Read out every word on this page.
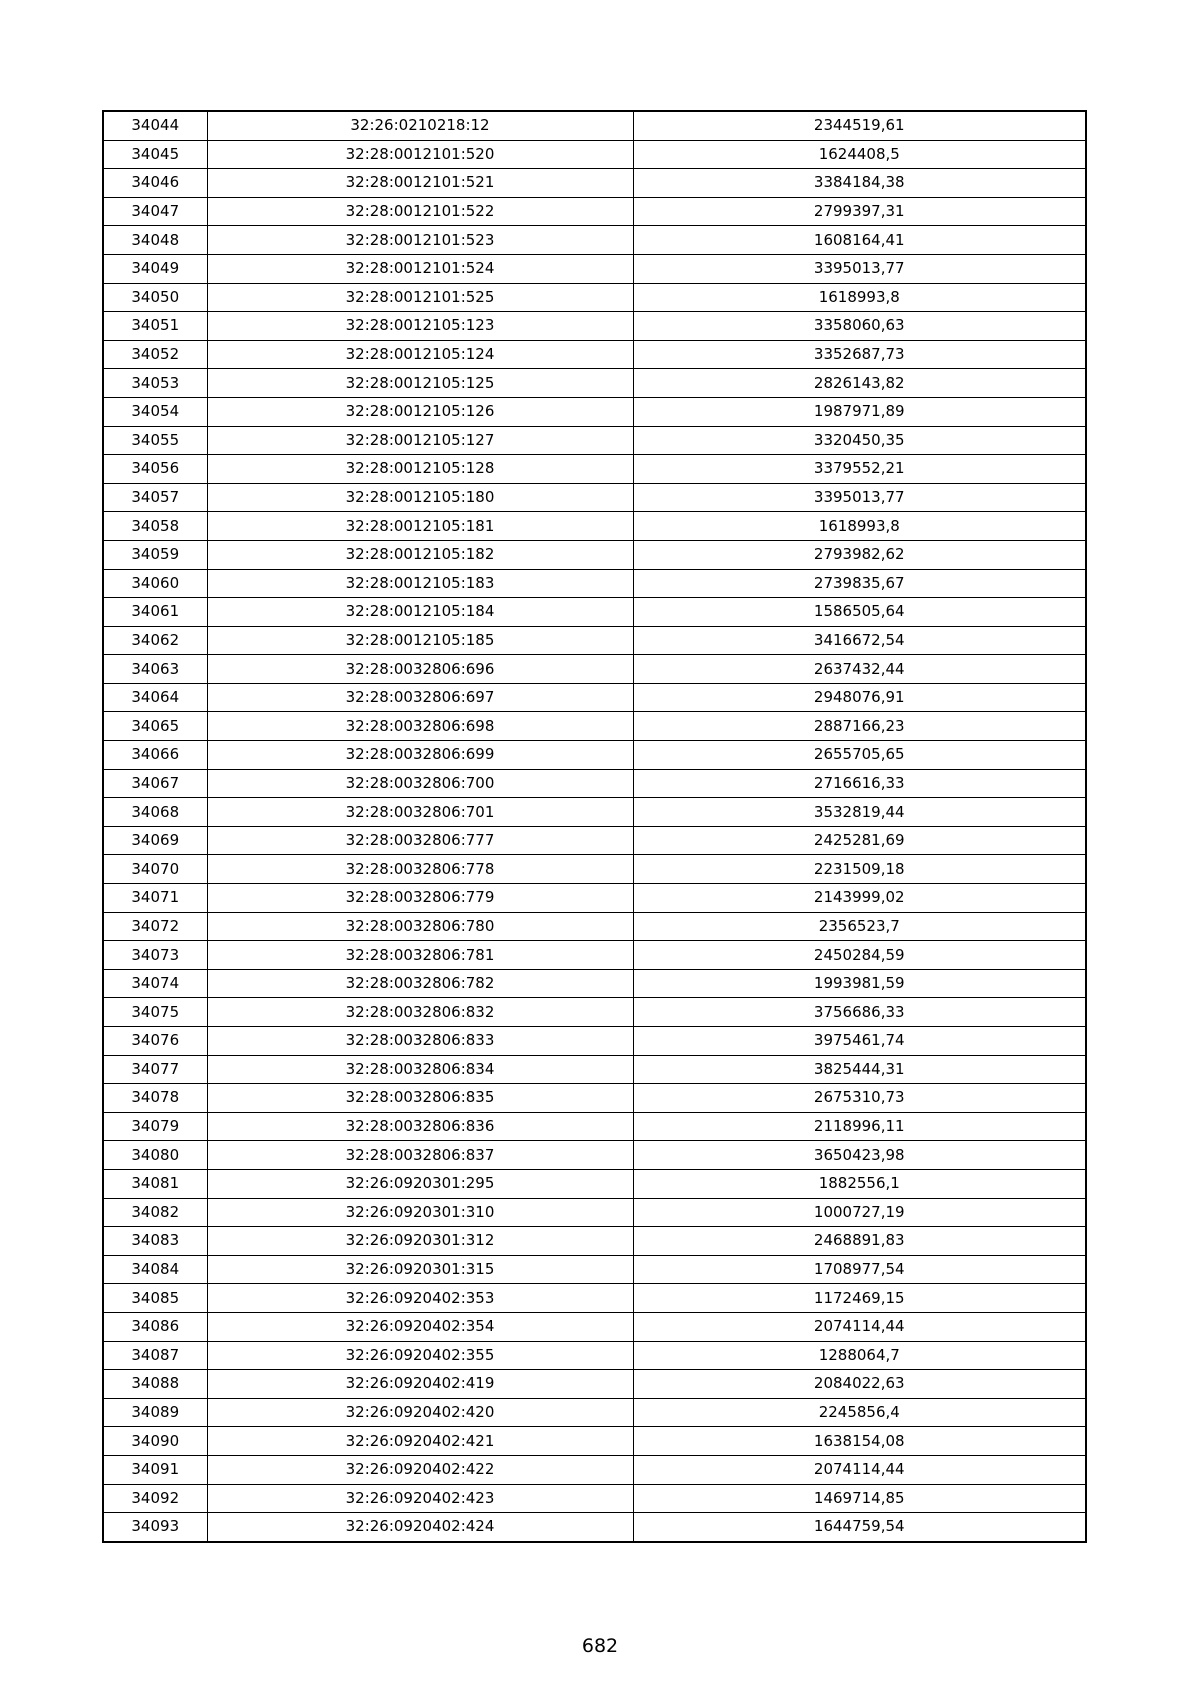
34044	32:26:0210218:12	2344519,61
34045	32:28:0012101:520	1624408,5
34046	32:28:0012101:521	3384184,38
34047	32:28:0012101:522	2799397,31
34048	32:28:0012101:523	1608164,41
34049	32:28:0012101:524	3395013,77
34050	32:28:0012101:525	1618993,8
34051	32:28:0012105:123	3358060,63
34052	32:28:0012105:124	3352687,73
34053	32:28:0012105:125	2826143,82
34054	32:28:0012105:126	1987971,89
34055	32:28:0012105:127	3320450,35
34056	32:28:0012105:128	3379552,21
34057	32:28:0012105:180	3395013,77
34058	32:28:0012105:181	1618993,8
34059	32:28:0012105:182	2793982,62
34060	32:28:0012105:183	2739835,67
34061	32:28:0012105:184	1586505,64
34062	32:28:0012105:185	3416672,54
34063	32:28:0032806:696	2637432,44
34064	32:28:0032806:697	2948076,91
34065	32:28:0032806:698	2887166,23
34066	32:28:0032806:699	2655705,65
34067	32:28:0032806:700	2716616,33
34068	32:28:0032806:701	3532819,44
34069	32:28:0032806:777	2425281,69
34070	32:28:0032806:778	2231509,18
34071	32:28:0032806:779	2143999,02
34072	32:28:0032806:780	2356523,7
34073	32:28:0032806:781	2450284,59
34074	32:28:0032806:782	1993981,59
34075	32:28:0032806:832	3756686,33
34076	32:28:0032806:833	3975461,74
34077	32:28:0032806:834	3825444,31
34078	32:28:0032806:835	2675310,73
34079	32:28:0032806:836	2118996,11
34080	32:28:0032806:837	3650423,98
34081	32:26:0920301:295	1882556,1
34082	32:26:0920301:310	1000727,19
34083	32:26:0920301:312	2468891,83
34084	32:26:0920301:315	1708977,54
34085	32:26:0920402:353	1172469,15
34086	32:26:0920402:354	2074114,44
34087	32:26:0920402:355	1288064,7
34088	32:26:0920402:419	2084022,63
34089	32:26:0920402:420	2245856,4
34090	32:26:0920402:421	1638154,08
34091	32:26:0920402:422	2074114,44
34092	32:26:0920402:423	1469714,85
34093	32:26:0920402:424	1644759,54
682
